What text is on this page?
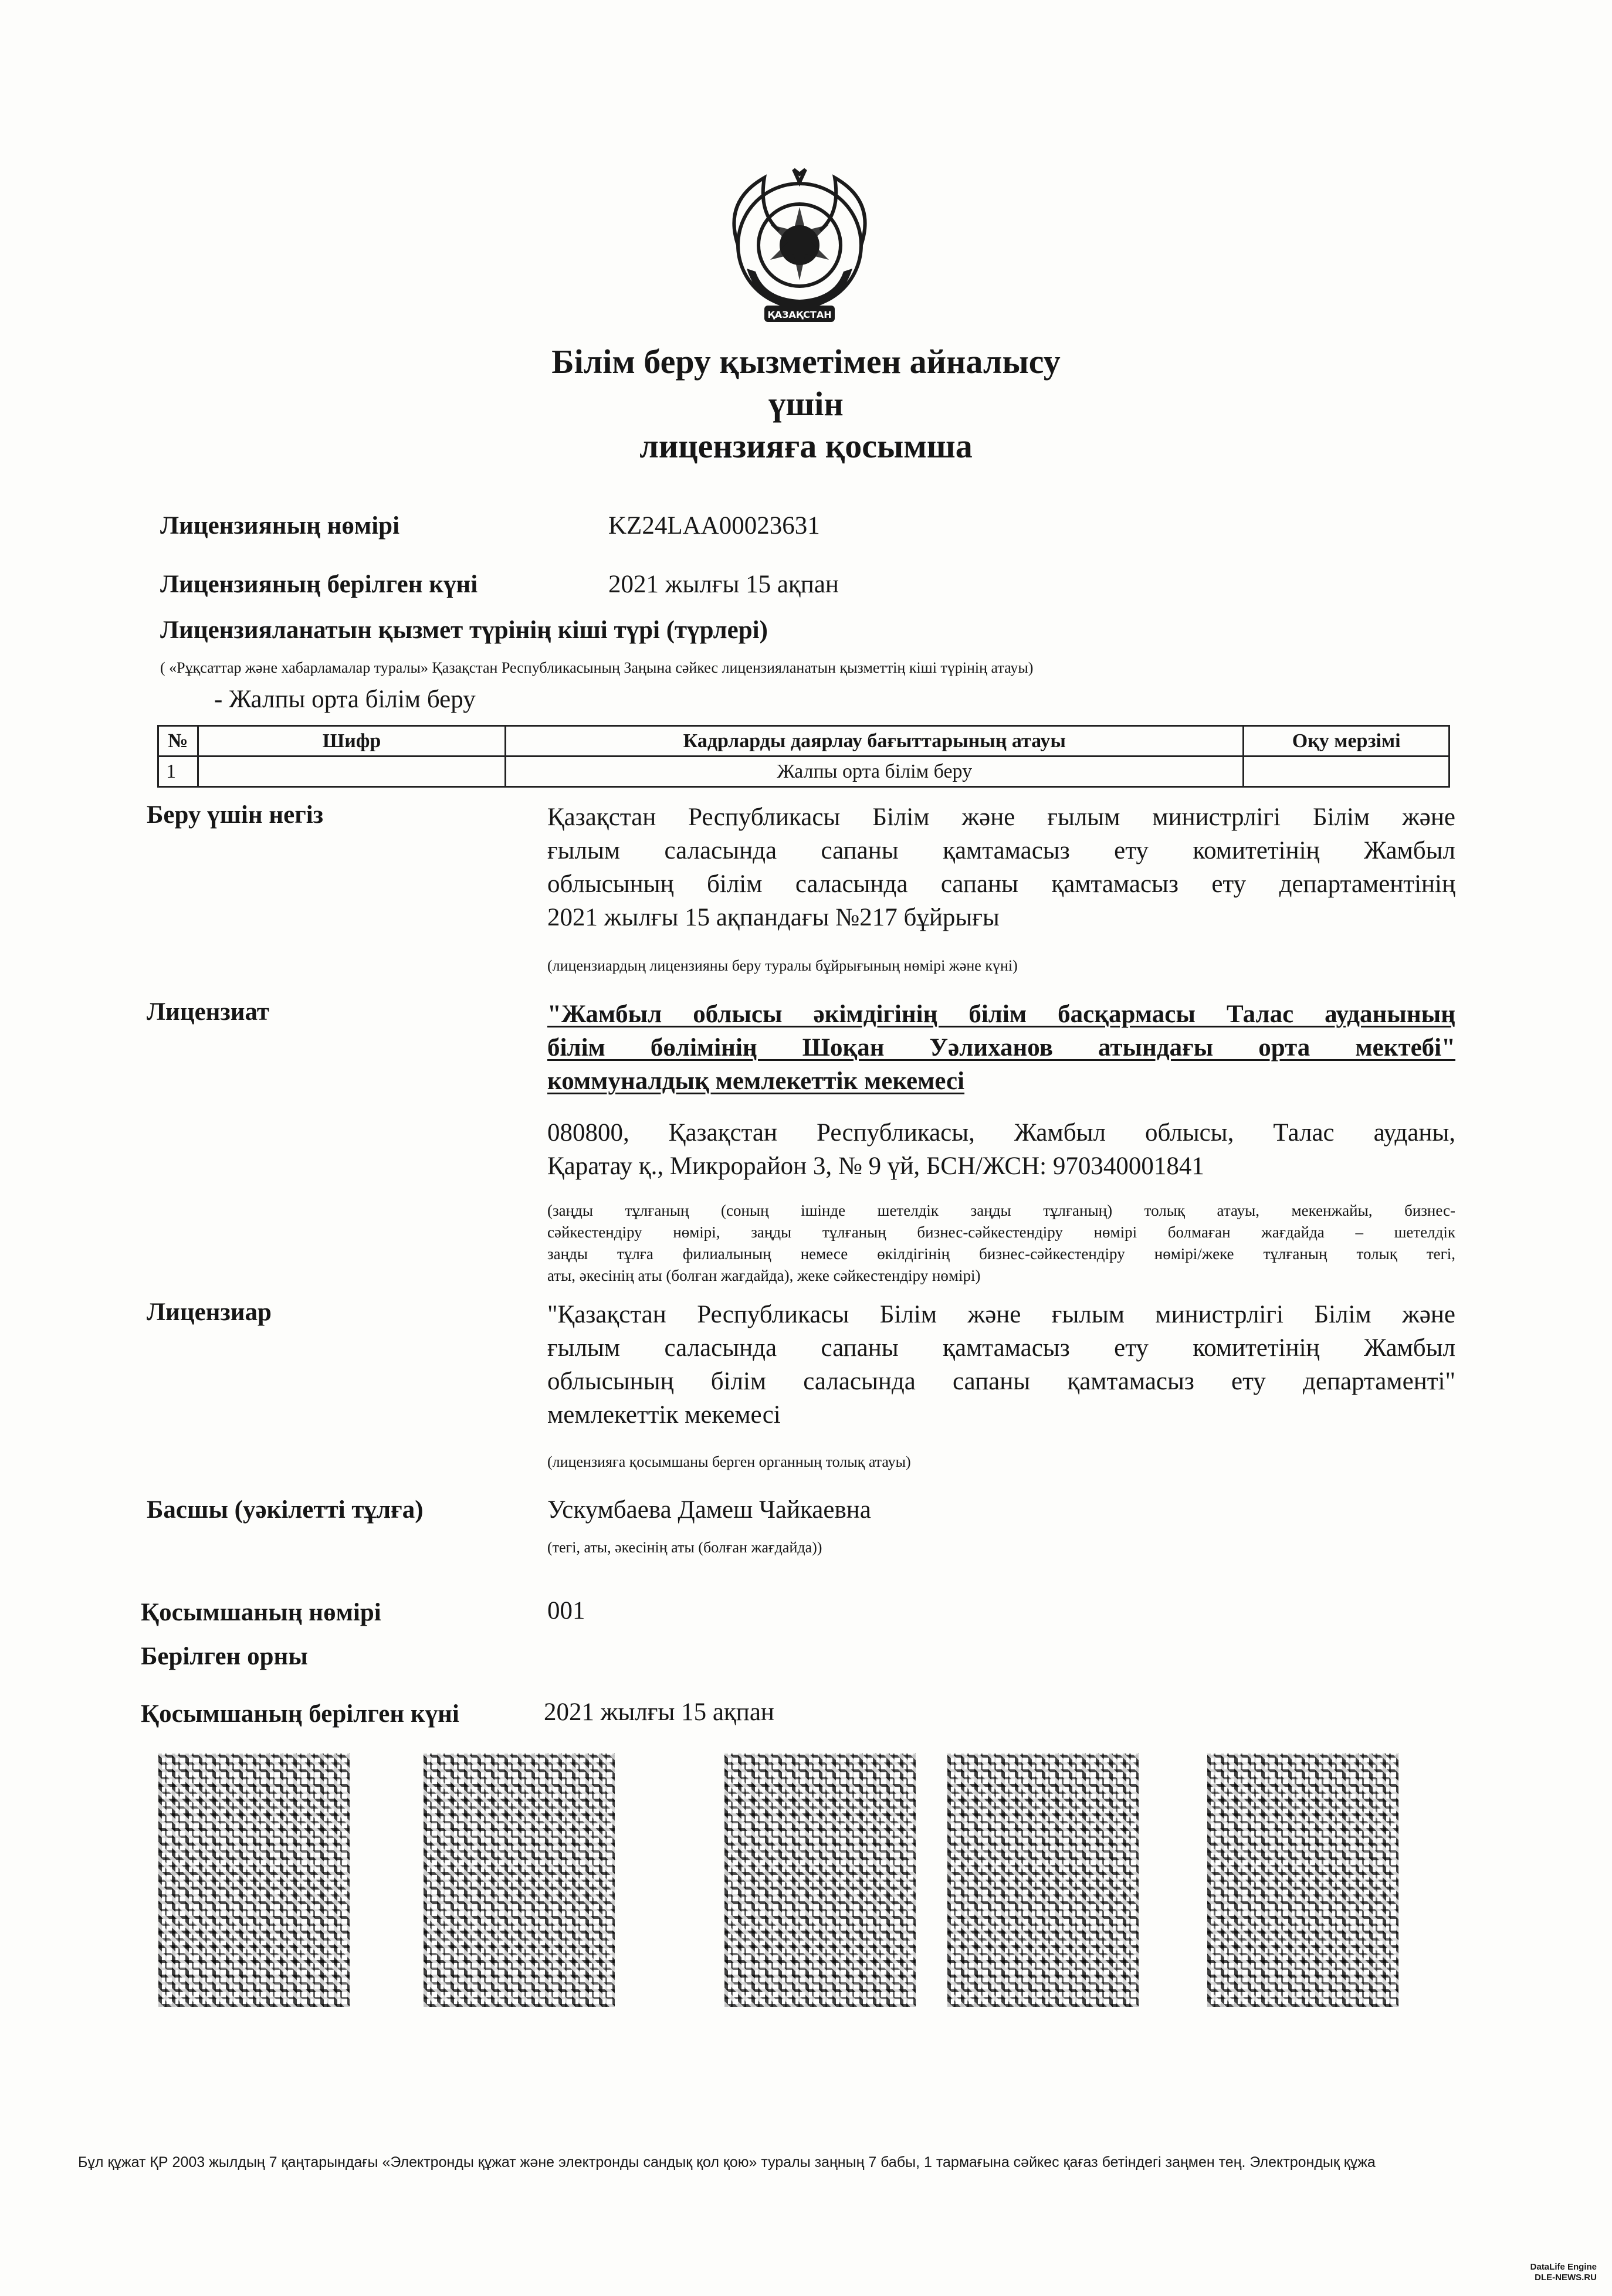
ҚАЗАҚСТАН
Білім беру қызметімен айналысу
үшін
лицензияға қосымша
Лицензияның нөмірі	KZ24LAA00023631
Лицензияның берілген күні	2021 жылғы 15 ақпан
Лицензияланатын қызмет түрінің кіші түрі (түрлері)
( «Рұқсаттар және хабарламалар туралы» Қазақстан Республикасының Заңына сәйкес лицензияланатын қызметтің кіші түрінің атауы)
- Жалпы орта білім беру
№	Шифр	Кадрларды даярлау бағыттарының атауы	Оқу мерзімі
1		Жалпы орта білім беру	
Беру үшін негіз	Қазақстан Республикасы Білім және ғылым министрлігі Білім және
ғылым саласында сапаны қамтамасыз ету комитетінің Жамбыл
облысының білім саласында сапаны қамтамасыз ету департаментінің
2021 жылғы 15 ақпандағы №217 бұйрығы
(лицензиардың лицензияны беру туралы бұйрығының нөмірі және күні)
Лицензиат	"Жамбыл облысы әкімдігінің білім басқармасы Талас ауданының
білім бөлімінің Шоқан Уәлиханов атындағы орта мектебі"
коммуналдық мемлекеттік мекемесі
080800, Қазақстан Республикасы, Жамбыл облысы, Талас ауданы,
Қаратау қ., Микрорайон 3, № 9 үй, БСН/ЖСН: 970340001841
(заңды тұлғаның (соның ішінде шетелдік заңды тұлғаның) толық атауы, мекенжайы, бизнес-
сәйкестендіру нөмірі, заңды тұлғаның бизнес-сәйкестендіру нөмірі болмаған жағдайда – шетелдік
заңды тұлға филиалының немесе өкілдігінің бизнес-сәйкестендіру нөмірі/жеке тұлғаның толық тегі,
аты, әкесінің аты (болған жағдайда), жеке сәйкестендіру нөмірі)
Лицензиар	"Қазақстан Республикасы Білім және ғылым министрлігі Білім және
ғылым саласында сапаны қамтамасыз ету комитетінің Жамбыл
облысының білім саласында сапаны қамтамасыз ету департаменті"
мемлекеттік мекемесі
(лицензияға қосымшаны берген органның толық атауы)
Басшы (уәкілетті тұлға)	Ускумбаева Дамеш Чайкаевна
(тегі, аты, әкесінің аты (болған жағдайда))
Қосымшаның нөмірі	001
Берілген орны
Қосымшаның берілген күні	2021 жылғы 15 ақпан
Бұл құжат ҚР 2003 жылдың 7 қаңтарындағы «Электронды құжат және электронды сандық қол қою» туралы заңның 7 бабы, 1 тармағына сәйкес қағаз бетіндегі заңмен тең. Электрондық құжа
DataLife Engine
DLE-NEWS.RU
